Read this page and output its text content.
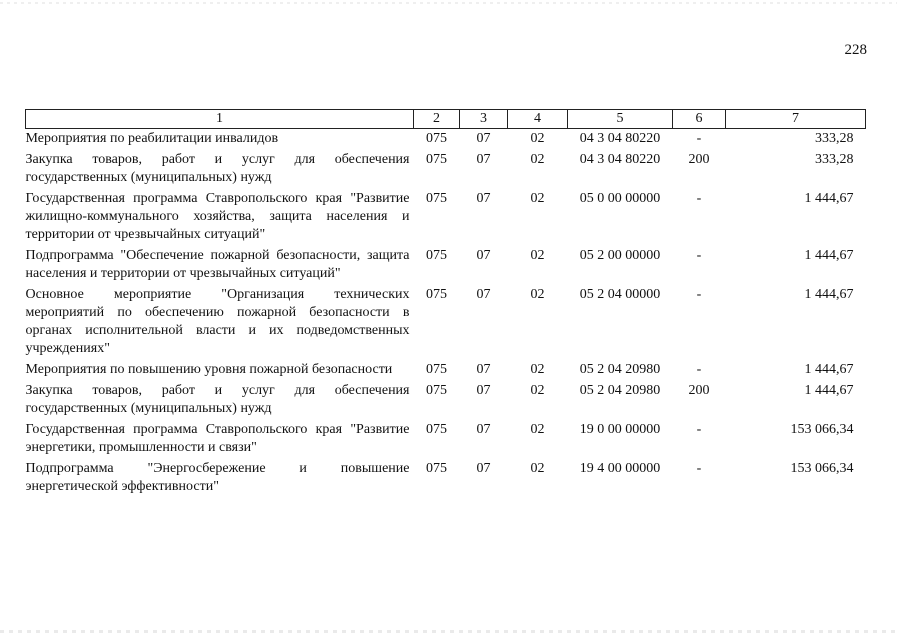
228
1	2	3	4	5	6	7
Мероприятия по реабилитации инвалидов	075	07	02	04 3 04 80220	-	333,28
Закупка товаров, работ и услуг для обеспечения государственных (муниципальных) нужд	075	07	02	04 3 04 80220	200	333,28
Государственная программа Ставропольского края "Развитие жилищно-коммунального хозяйства, защита населения и территории от чрезвычайных ситуаций"	075	07	02	05 0 00 00000	-	1 444,67
Подпрограмма "Обеспечение пожарной безопасности, защита населения и территории от чрезвычайных ситуаций"	075	07	02	05 2 00 00000	-	1 444,67
Основное мероприятие "Организация технических мероприятий по обеспечению пожарной безопасности в органах исполнительной власти и их подведомственных учреждениях"	075	07	02	05 2 04 00000	-	1 444,67
Мероприятия по повышению уровня пожарной безопасности	075	07	02	05 2 04 20980	-	1 444,67
Закупка товаров, работ и услуг для обеспечения государственных (муниципальных) нужд	075	07	02	05 2 04 20980	200	1 444,67
Государственная программа Ставропольского края "Развитие энергетики, промышленности и связи"	075	07	02	19 0 00 00000	-	153 066,34
Подпрограмма "Энергосбережение и повышение энергетической эффективности"	075	07	02	19 4 00 00000	-	153 066,34
